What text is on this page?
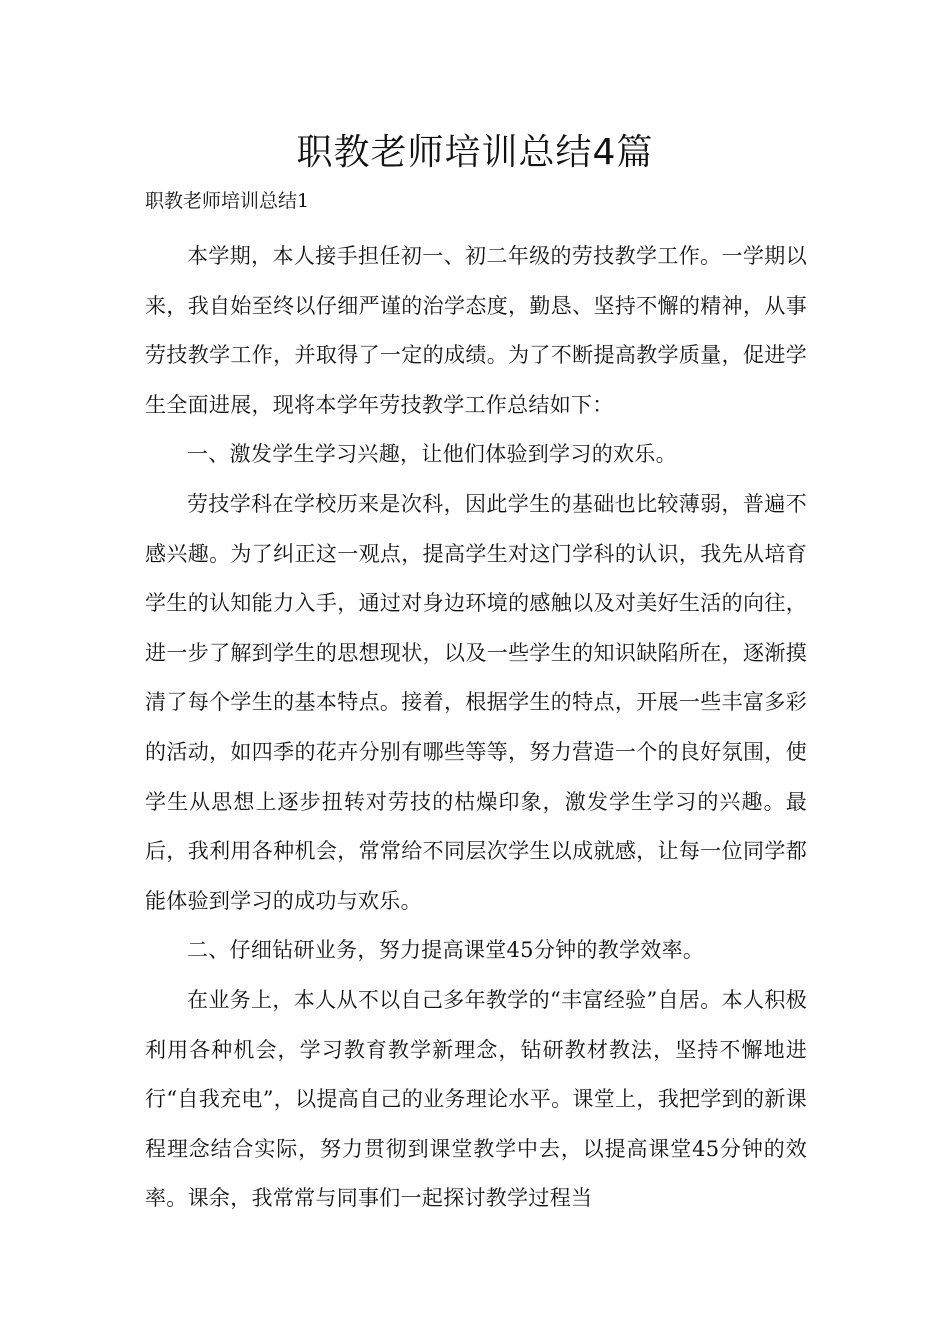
职教老师培训总结4篇

职教老师培训总结1

本学期，本人接手担任初一、初二年级的劳技教学工作。一学期以来，我自始至终以仔细严谨的治学态度，勤恳、坚持不懈的精神，从事劳技教学工作，并取得了一定的成绩。为了不断提高教学质量，促进学生全面进展，现将本学年劳技教学工作总结如下：

一、激发学生学习兴趣，让他们体验到学习的欢乐。

劳技学科在学校历来是次科，因此学生的基础也比较薄弱，普遍不感兴趣。为了纠正这一观点，提高学生对这门学科的认识，我先从培育学生的认知能力入手，通过对身边环境的感触以及对美好生活的向往，进一步了解到学生的思想现状，以及一些学生的知识缺陷所在，逐渐摸清了每个学生的基本特点。接着，根据学生的特点，开展一些丰富多彩的活动，如四季的花卉分别有哪些等等，努力营造一个的良好氛围，使学生从思想上逐步扭转对劳技的枯燥印象，激发学生学习的兴趣。最后，我利用各种机会，常常给不同层次学生以成就感，让每一位同学都能体验到学习的成功与欢乐。

二、仔细钻研业务，努力提高课堂45分钟的教学效率。

在业务上，本人从不以自己多年教学的“丰富经验”自居。本人积极利用各种机会，学习教育教学新理念，钻研教材教法，坚持不懈地进行“自我充电”，以提高自己的业务理论水平。课堂上，我把学到的新课程理念结合实际，努力贯彻到课堂教学中去，以提高课堂45分钟的效率。课余，我常常与同事们一起探讨教学过程当
